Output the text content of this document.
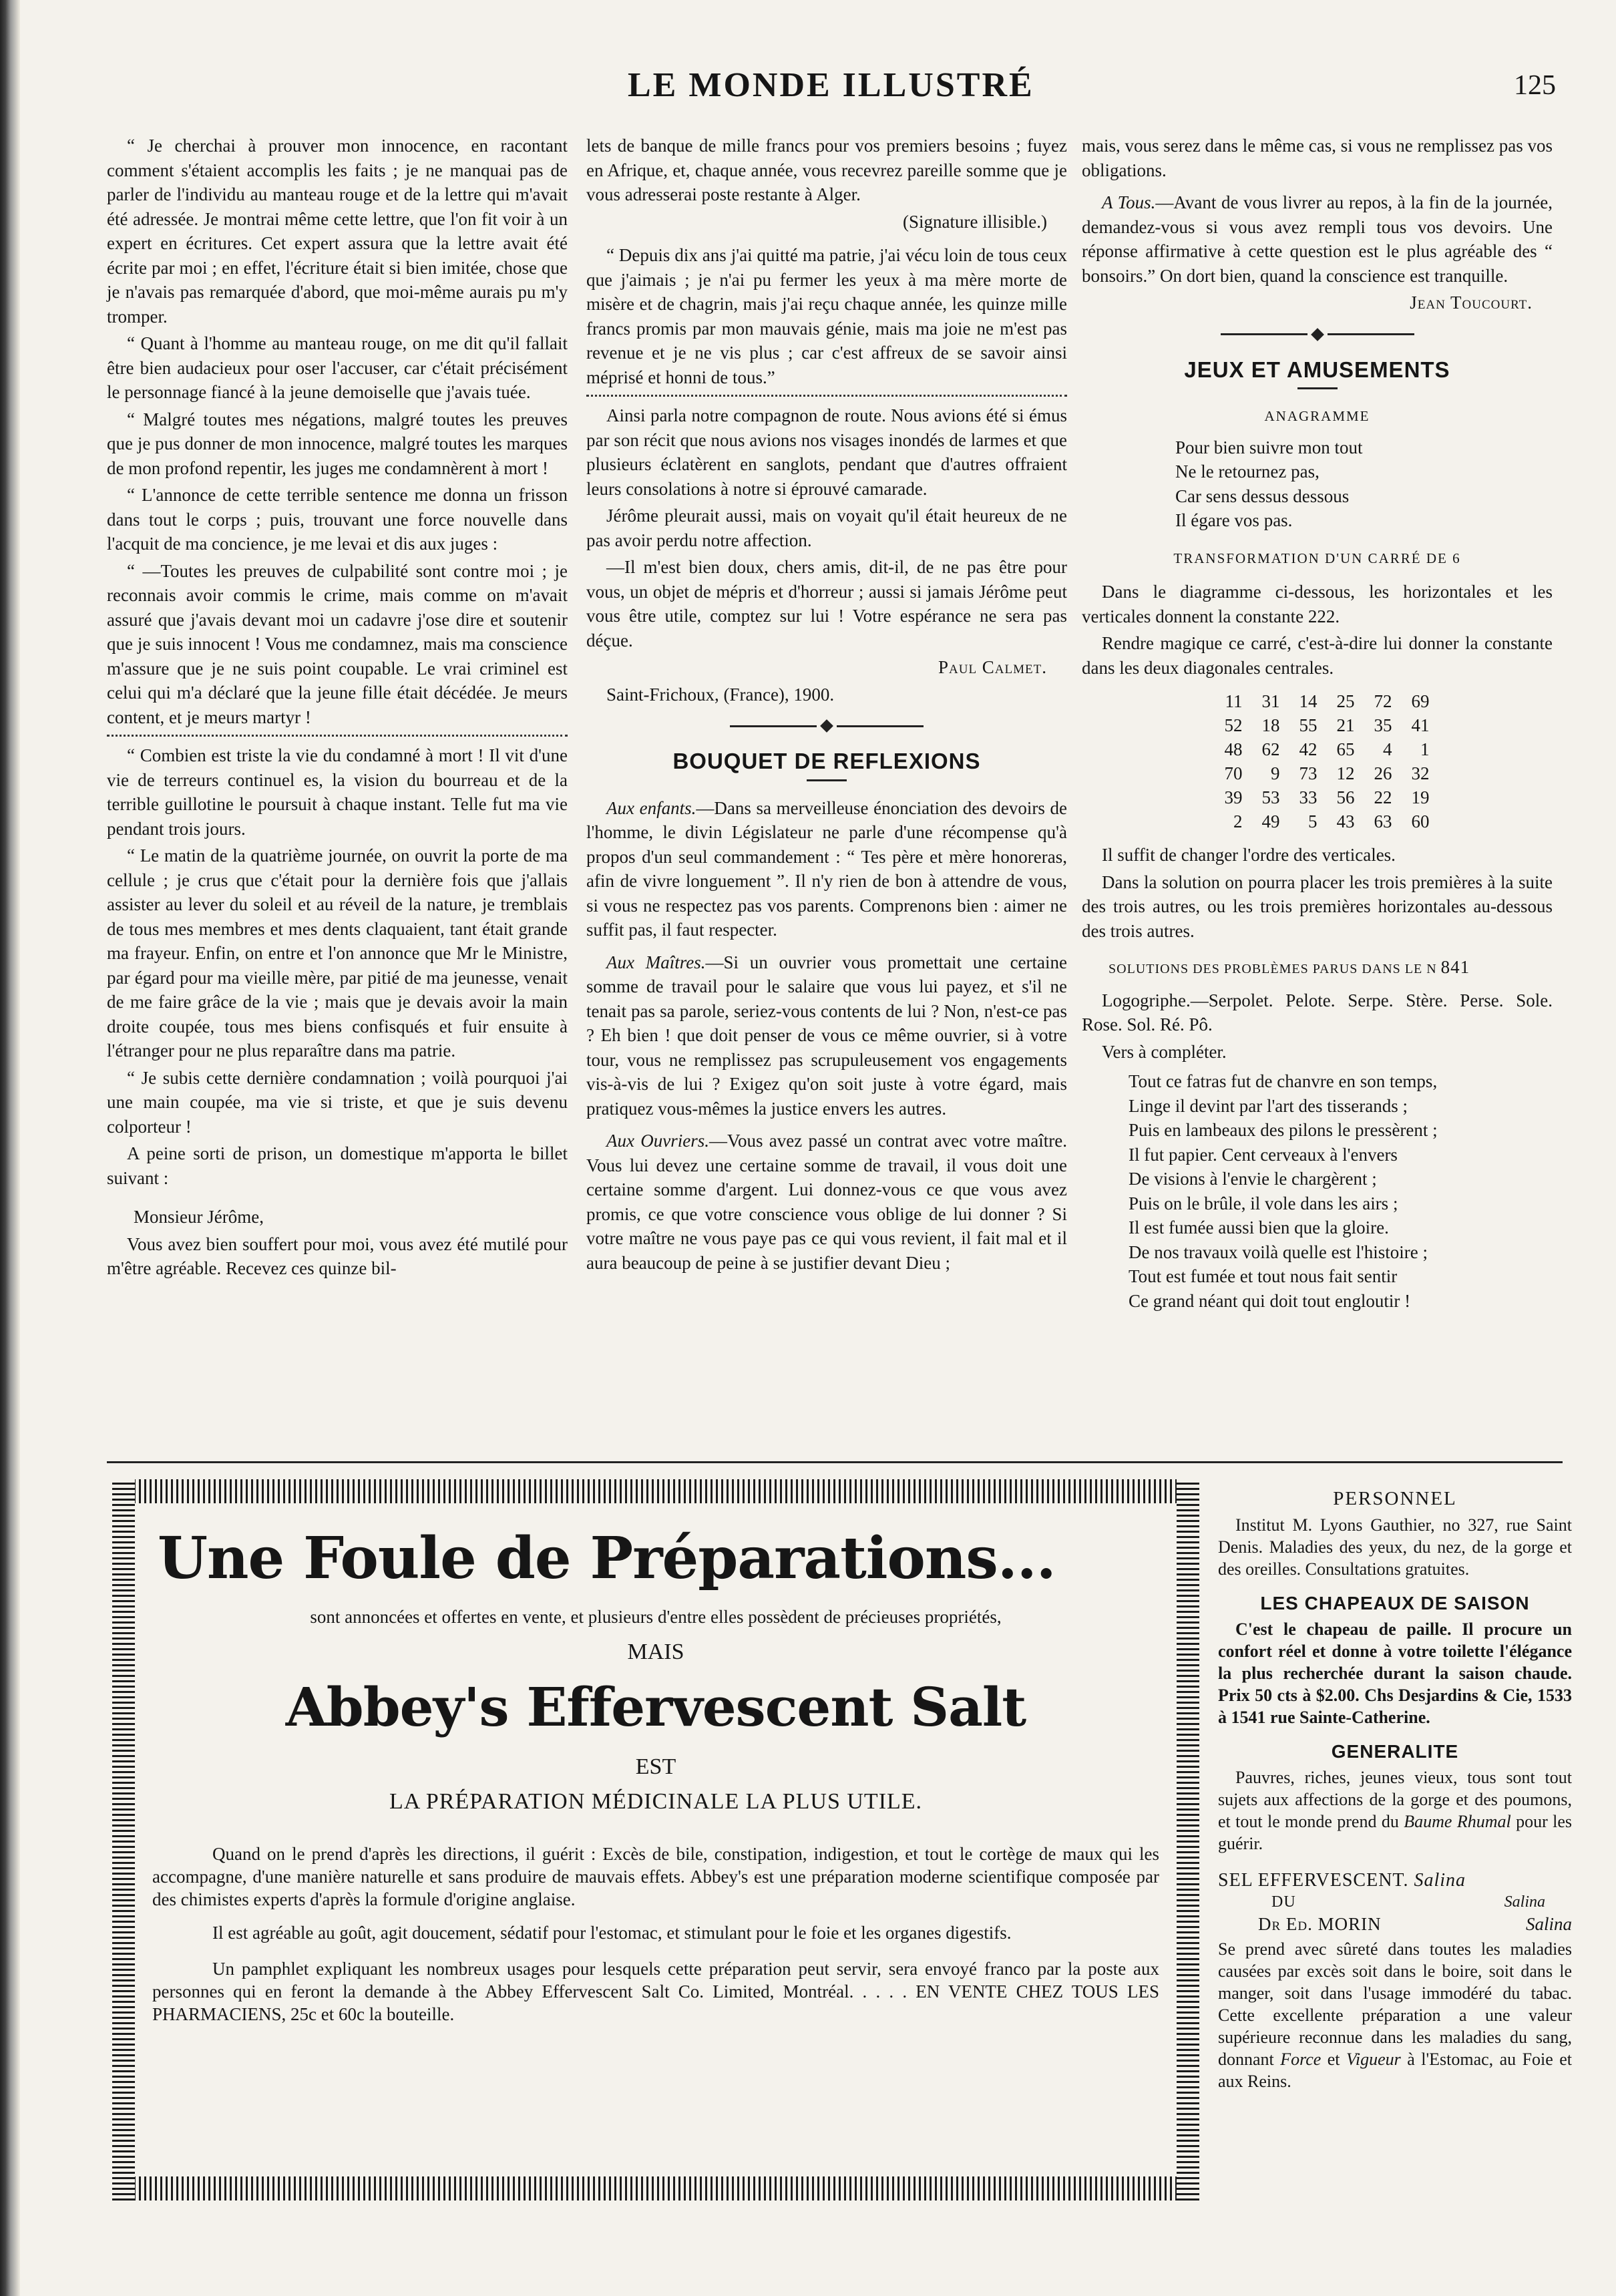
LE MONDE ILLUSTRÉ	125

“ Je cherchai à prouver mon innocence, en racontant comment s'étaient accomplis les faits ; je ne manquai pas de parler de l'individu au manteau rouge et de la lettre qui m'avait été adressée. Je montrai même cette lettre, que l'on fit voir à un expert en écritures. Cet expert assura que la lettre avait été écrite par moi ; en effet, l'écriture était si bien imitée, chose que je n'avais pas remarquée d'abord, que moi-même aurais pu m'y tromper.

“ Quant à l'homme au manteau rouge, on me dit qu'il fallait être bien audacieux pour oser l'accuser, car c'était précisément le personnage fiancé à la jeune demoiselle que j'avais tuée.

“ Malgré toutes mes négations, malgré toutes les preuves que je pus donner de mon innocence, malgré toutes les marques de mon profond repentir, les juges me condamnèrent à mort !

“ L'annonce de cette terrible sentence me donna un frisson dans tout le corps ; puis, trouvant une force nouvelle dans l'acquit de ma concience, je me levai et dis aux juges :

“ —Toutes les preuves de culpabilité sont contre moi ; je reconnais avoir commis le crime, mais comme on m'avait assuré que j'avais devant moi un cadavre j'ose dire et soutenir que je suis innocent ! Vous me condamnez, mais ma conscience m'assure que je ne suis point coupable. Le vrai criminel est celui qui m'a déclaré que la jeune fille était décédée. Je meurs content, et je meurs martyr !

“ Combien est triste la vie du condamné à mort ! Il vit d'une vie de terreurs continuel es, la vision du bourreau et de la terrible guillotine le poursuit à chaque instant. Telle fut ma vie pendant trois jours.

“ Le matin de la quatrième journée, on ouvrit la porte de ma cellule ; je crus que c'était pour la dernière fois que j'allais assister au lever du soleil et au réveil de la nature, je tremblais de tous mes membres et mes dents claquaient, tant était grande ma frayeur. Enfin, on entre et l'on annonce que Mr le Ministre, par égard pour ma vieille mère, par pitié de ma jeunesse, venait de me faire grâce de la vie ; mais que je devais avoir la main droite coupée, tous mes biens confisqués et fuir ensuite à l'étranger pour ne plus reparaître dans ma patrie.

“ Je subis cette dernière condamnation ; voilà pourquoi j'ai une main coupée, ma vie si triste, et que je suis devenu colporteur !

A peine sorti de prison, un domestique m'apporta le billet suivant :

Monsieur Jérôme,

Vous avez bien souffert pour moi, vous avez été mutilé pour m'être agréable. Recevez ces quinze bil-

lets de banque de mille francs pour vos premiers besoins ; fuyez en Afrique, et, chaque année, vous recevrez pareille somme que je vous adresserai poste restante à Alger.

(Signature illisible.)

“ Depuis dix ans j'ai quitté ma patrie, j'ai vécu loin de tous ceux que j'aimais ; je n'ai pu fermer les yeux à ma mère morte de misère et de chagrin, mais j'ai reçu chaque année, les quinze mille francs promis par mon mauvais génie, mais ma joie ne m'est pas revenue et je ne vis plus ; car c'est affreux de se savoir ainsi méprisé et honni de tous.”

Ainsi parla notre compagnon de route. Nous avions été si émus par son récit que nous avions nos visages inondés de larmes et que plusieurs éclatèrent en sanglots, pendant que d'autres offraient leurs consolations à notre si éprouvé camarade.

Jérôme pleurait aussi, mais on voyait qu'il était heureux de ne pas avoir perdu notre affection.

—Il m'est bien doux, chers amis, dit-il, de ne pas être pour vous, un objet de mépris et d'horreur ; aussi si jamais Jérôme peut vous être utile, comptez sur lui ! Votre espérance ne sera pas déçue.

Paul Calmet.

Saint-Frichoux, (France), 1900.

BOUQUET DE REFLEXIONS

Aux enfants.—Dans sa merveilleuse énonciation des devoirs de l'homme, le divin Législateur ne parle d'une récompense qu'à propos d'un seul commandement : “ Tes père et mère honoreras, afin de vivre longuement ”. Il n'y rien de bon à attendre de vous, si vous ne respectez pas vos parents. Comprenons bien : aimer ne suffit pas, il faut respecter.

Aux Maîtres.—Si un ouvrier vous promettait une certaine somme de travail pour le salaire que vous lui payez, et s'il ne tenait pas sa parole, seriez-vous contents de lui ? Non, n'est-ce pas ? Eh bien ! que doit penser de vous ce même ouvrier, si à votre tour, vous ne remplissez pas scrupuleusement vos engagements vis-à-vis de lui ? Exigez qu'on soit juste à votre égard, mais pratiquez vous-mêmes la justice envers les autres.

Aux Ouvriers.—Vous avez passé un contrat avec votre maître. Vous lui devez une certaine somme de travail, il vous doit une certaine somme d'argent. Lui donnez-vous ce que vous avez promis, ce que votre conscience vous oblige de lui donner ? Si votre maître ne vous paye pas ce qui vous revient, il fait mal et il aura beaucoup de peine à se justifier devant Dieu ;

mais, vous serez dans le même cas, si vous ne remplissez pas vos obligations.

A Tous.—Avant de vous livrer au repos, à la fin de la journée, demandez-vous si vous avez rempli tous vos devoirs. Une réponse affirmative à cette question est le plus agréable des “ bonsoirs.” On dort bien, quand la conscience est tranquille.

Jean Toucourt.

JEUX ET AMUSEMENTS
ANAGRAMME
Pour bien suivre mon tout
Ne le retournez pas,
Car sens dessus dessous
Il égare vos pas.
TRANSFORMATION D'UN CARRÉ DE 6

Dans le diagramme ci-dessous, les horizontales et les verticales donnent la constante 222.

Rendre magique ce carré, c'est-à-dire lui donner la constante dans les deux diagonales centrales.

11	31	14	25	72	69
52	18	55	21	35	41
48	62	42	65	4	1
70	9	73	12	26	32
39	53	33	56	22	19
2	49	5	43	63	60

Il suffit de changer l'ordre des verticales.

Dans la solution on pourra placer les trois premières à la suite des trois autres, ou les trois premières horizontales au-dessous des trois autres.

SOLUTIONS DES PROBLÈMES PARUS DANS LE N 841

Logogriphe.—Serpolet. Pelote. Serpe. Stère. Perse. Sole. Rose. Sol. Ré. Pô.

Vers à compléter.

Tout ce fatras fut de chanvre en son temps,
Linge il devint par l'art des tisserands ;
Puis en lambeaux des pilons le pressèrent ;
Il fut papier. Cent cerveaux à l'envers
De visions à l'envie le chargèrent ;
Puis on le brûle, il vole dans les airs ;
Il est fumée aussi bien que la gloire.
De nos travaux voilà quelle est l'histoire ;
Tout est fumée et tout nous fait sentir
Ce grand néant qui doit tout engloutir !
Une Foule de Préparations...
sont annoncées et offertes en vente, et plusieurs d'entre elles possèdent de précieuses propriétés,
MAIS
Abbey's Effervescent Salt
EST
LA PRÉPARATION MÉDICINALE LA PLUS UTILE.

Quand on le prend d'après les directions, il guérit : Excès de bile, constipation, indigestion, et tout le cortège de maux qui les accompagne, d'une manière naturelle et sans produire de mauvais effets. Abbey's est une préparation moderne scientifique composée par des chimistes experts d'après la formule d'origine anglaise.

Il est agréable au goût, agit doucement, sédatif pour l'estomac, et stimulant pour le foie et les organes digestifs.

Un pamphlet expliquant les nombreux usages pour lesquels cette préparation peut servir, sera envoyé franco par la poste aux personnes qui en feront la demande à the Abbey Effervescent Salt Co. Limited, Montréal. . . . . EN VENTE CHEZ TOUS LES PHARMACIENS, 25c et 60c la bouteille.

PERSONNEL

Institut M. Lyons Gauthier, no 327, rue Saint Denis. Maladies des yeux, du nez, de la gorge et des oreilles. Consultations gratuites.

LES CHAPEAUX DE SAISON

C'est le chapeau de paille. Il procure un confort réel et donne à votre toilette l'élégance la plus recherchée durant la saison chaude. Prix 50 cts à $2.00. Chs Desjardins & Cie, 1533 à 1541 rue Sainte-Catherine.

GENERALITE

Pauvres, riches, jeunes vieux, tous sont tout sujets aux affections de la gorge et des poumons, et tout le monde prend du Baume Rhumal pour les guérir.

SEL EFFERVESCENT. Salina
DU	Salina
Dr Ed. MORIN	Salina

Se prend avec sûreté dans toutes les maladies causées par excès soit dans le boire, soit dans le manger, soit dans l'usage immodéré du tabac. Cette excellente préparation a une valeur supérieure reconnue dans les maladies du sang, donnant Force et Vigueur à l'Estomac, au Foie et aux Reins.
